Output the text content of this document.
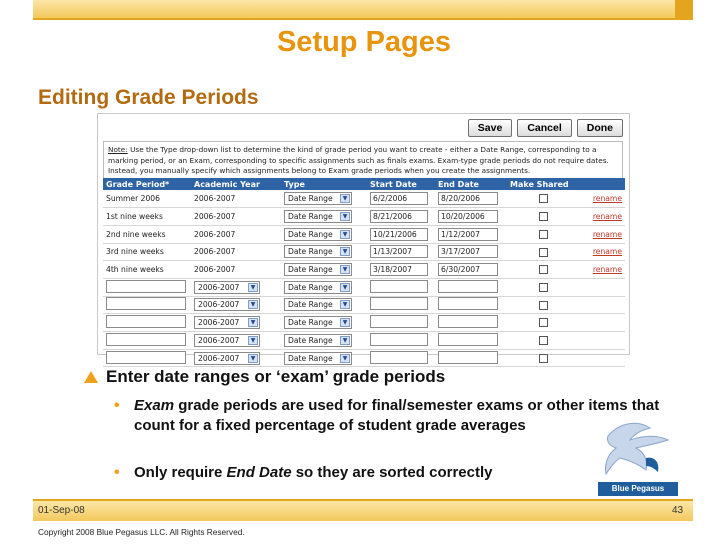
Setup Pages
Editing Grade Periods
Save	Cancel	Done
Note: Use the Type drop-down list to determine the kind of grade period you want to create - either a Date Range, corresponding to a marking period, or an Exam, corresponding to specific assignments such as finals exams. Exam-type grade periods do not require dates. Instead, you manually specify which assignments belong to Exam grade periods when you create the assignments.
Grade Period*	Academic Year	Type	Start Date	End Date	Make Shared	
Summer 2006	2006-2007	Date Range ▼	6/2/2006	8/20/2006		rename
1st nine weeks	2006-2007	Date Range ▼	8/21/2006	10/20/2006		rename
2nd nine weeks	2006-2007	Date Range ▼	10/21/2006	1/12/2007		rename
3rd nine weeks	2006-2007	Date Range ▼	1/13/2007	3/17/2007		rename
4th nine weeks	2006-2007	Date Range ▼	3/18/2007	6/30/2007		rename

	2006-2007 ▼	Date Range ▼				

	2006-2007 ▼	Date Range ▼				

	2006-2007 ▼	Date Range ▼				

	2006-2007 ▼	Date Range ▼				

	2006-2007 ▼	Date Range ▼				

Enter date ranges or ‘exam’ grade periods
• Exam grade periods are used for final/semester exams or other items that count for a fixed percentage of student grade averages
• Only require End Date so they are sorted correctly
Blue Pegasus
01-Sep-08	43
Copyright 2008 Blue Pegasus LLC. All Rights Reserved.
